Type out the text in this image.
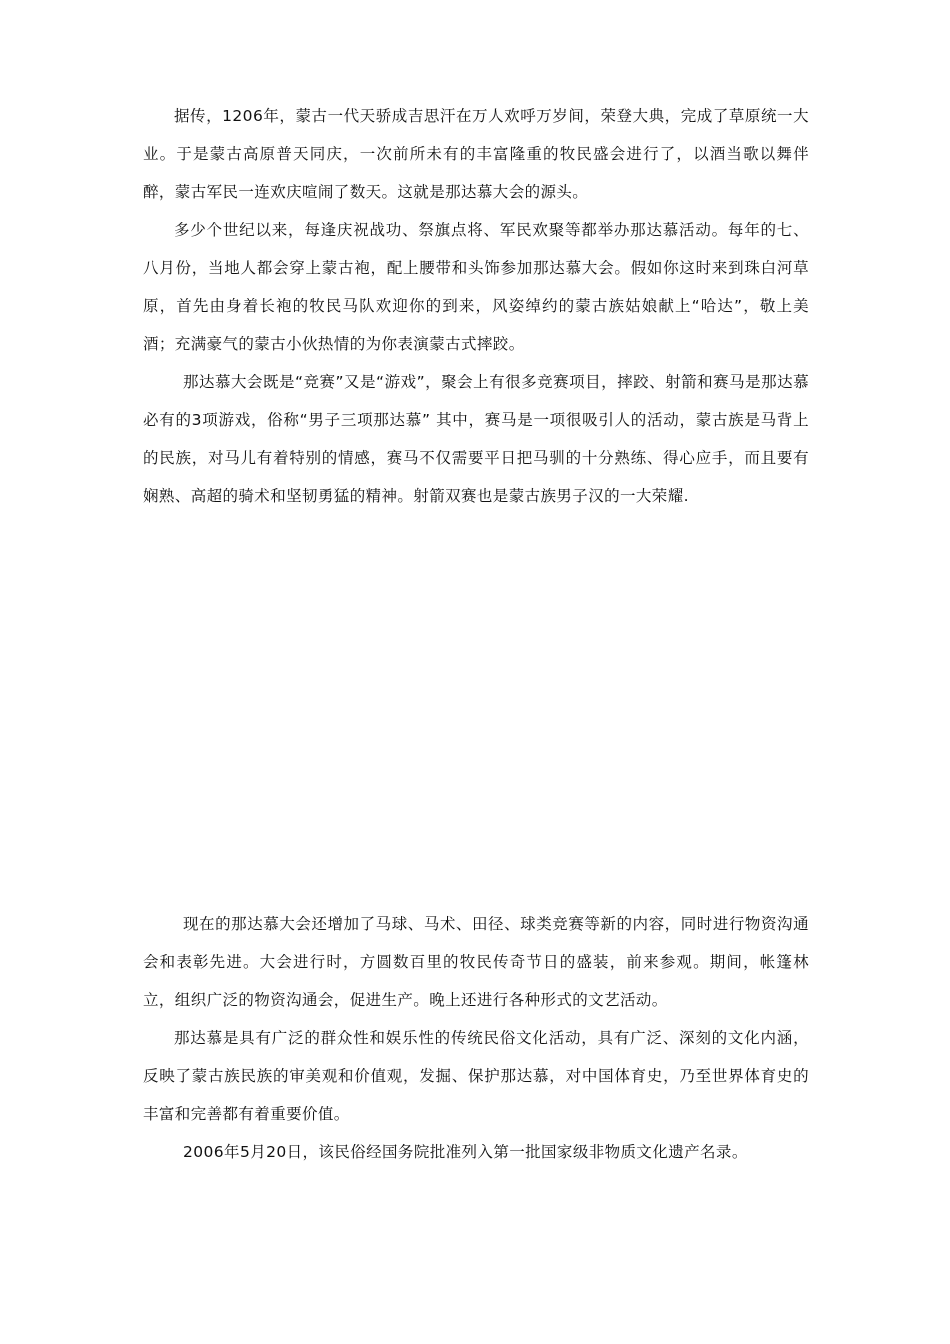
据传，1206年，蒙古一代天骄成吉思汗在万人欢呼万岁间，荣登大典，完成了草原统一大业。于是蒙古高原普天同庆，一次前所未有的丰富隆重的牧民盛会进行了，以酒当歌以舞伴醉，蒙古军民一连欢庆喧闹了数天。这就是那达慕大会的源头。

多少个世纪以来，每逢庆祝战功、祭旗点将、军民欢聚等都举办那达慕活动。每年的七、八月份，当地人都会穿上蒙古袍，配上腰带和头饰参加那达慕大会。假如你这时来到珠白河草原，首先由身着长袍的牧民马队欢迎你的到来，风姿绰约的蒙古族姑娘献上“哈达”，敬上美酒；充满豪气的蒙古小伙热情的为你表演蒙古式摔跤。

那达慕大会既是“竞赛”又是“游戏”，聚会上有很多竞赛项目，摔跤、射箭和赛马是那达慕必有的3项游戏，俗称“男子三项那达慕” 其中，赛马是一项很吸引人的活动，蒙古族是马背上的民族，对马儿有着特别的情感，赛马不仅需要平日把马驯的十分熟练、得心应手，而且要有娴熟、高超的骑术和坚韧勇猛的精神。射箭双赛也是蒙古族男子汉的一大荣耀.

现在的那达慕大会还增加了马球、马术、田径、球类竞赛等新的内容，同时进行物资沟通会和表彰先进。大会进行时，方圆数百里的牧民传奇节日的盛装，前来参观。期间，帐篷林立，组织广泛的物资沟通会，促进生产。晚上还进行各种形式的文艺活动。

那达慕是具有广泛的群众性和娱乐性的传统民俗文化活动，具有广泛、深刻的文化内涵，反映了蒙古族民族的审美观和价值观，发掘、保护那达慕，对中国体育史，乃至世界体育史的丰富和完善都有着重要价值。

2006年5月20日，该民俗经国务院批准列入第一批国家级非物质文化遗产名录。
